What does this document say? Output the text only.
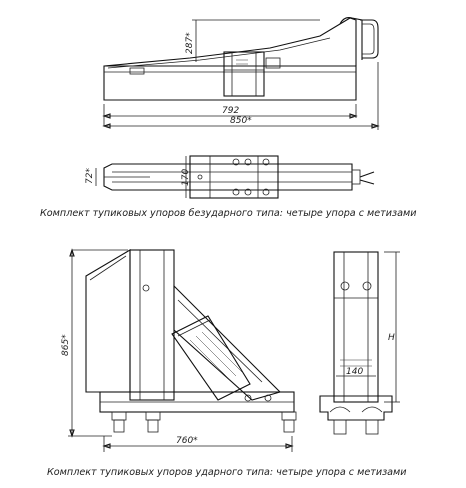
287*
792
850*
72*	170
865*
760*
H
140
Комплект тупиковых упоров безударного типа: четыре упора с метизами
Комплект тупиковых упоров ударного типа: четыре упора с метизами
